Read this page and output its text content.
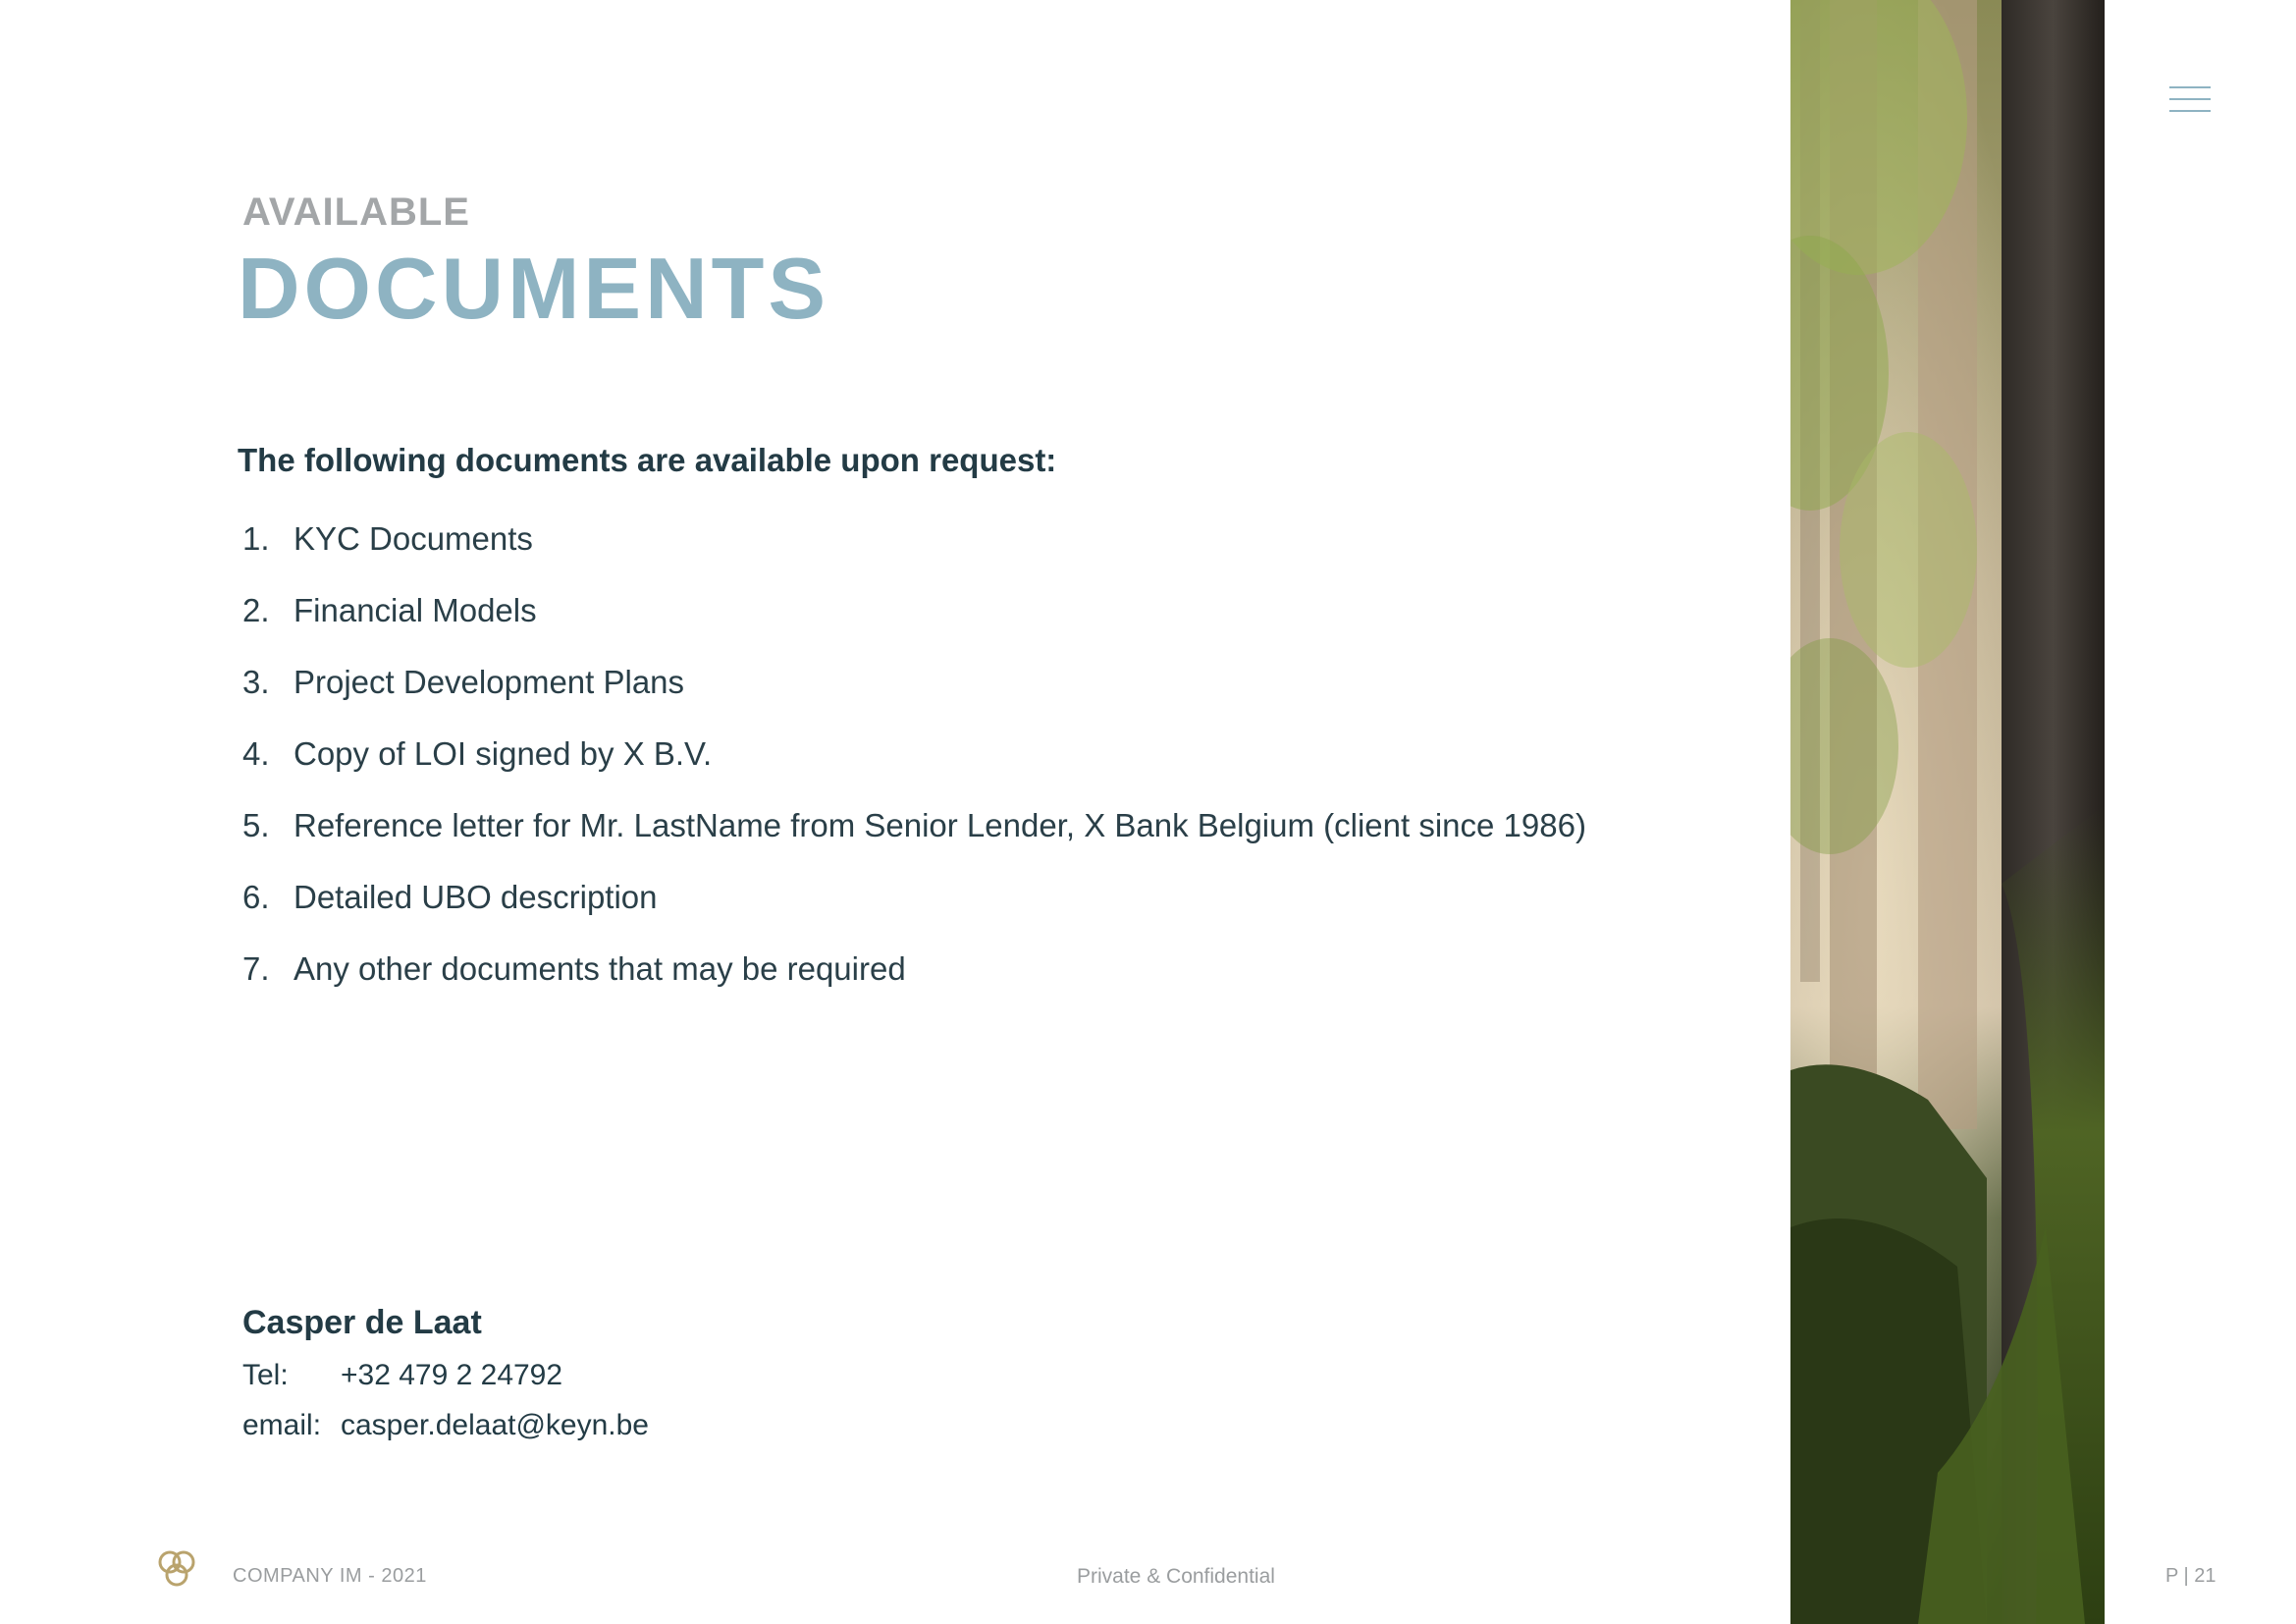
AVAILABLE
DOCUMENTS
The following documents are available upon request:
1. KYC Documents
2. Financial Models
3. Project Development Plans
4. Copy of LOI signed by X B.V.
5. Reference letter for Mr. LastName from Senior Lender, X Bank Belgium (client since 1986)
6. Detailed UBO description
7. Any other documents that may be required
Casper de Laat
Tel:	+32 479 2 24792
email: casper.delaat@keyn.be
COMPANY IM - 2021	Private & Confidential	P | 21
